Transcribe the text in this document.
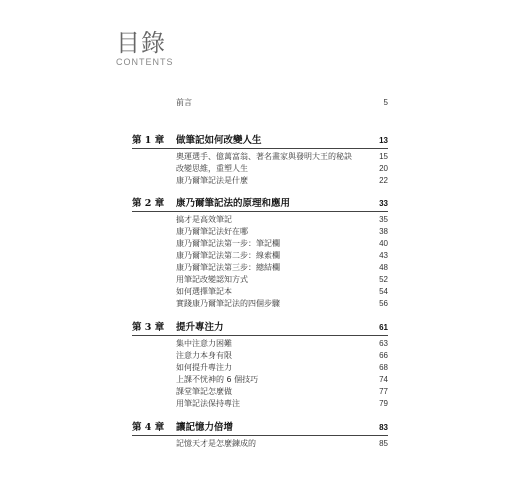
目錄
CONTENTS
前言	5
第 1 章 做筆記如何改變人生	13
奧運選手、億萬富翁、著名畫家與發明大王的秘訣	15
改變思維，重塑人生	20
康乃爾筆記法是什麼	22
第 2 章 康乃爾筆記法的原理和應用	33
搞才是高效筆記	35
康乃爾筆記法好在哪	38
康乃爾筆記法第一步：筆記欄	40
康乃爾筆記法第二步：線索欄	43
康乃爾筆記法第三步：總結欄	48
用筆記改變認知方式	52
如何選擇筆記本	54
實踐康乃爾筆記法的四個步驟	56
第 3 章 提升專注力	61
集中注意力困難	63
注意力本身有限	66
如何提升專注力	68
上課不恍神的 6 個技巧	74
課堂筆記怎麼做	77
用筆記法保持專注	79
第 4 章 讓記憶力倍增	83
記憶天才是怎麼鍊成的	85
